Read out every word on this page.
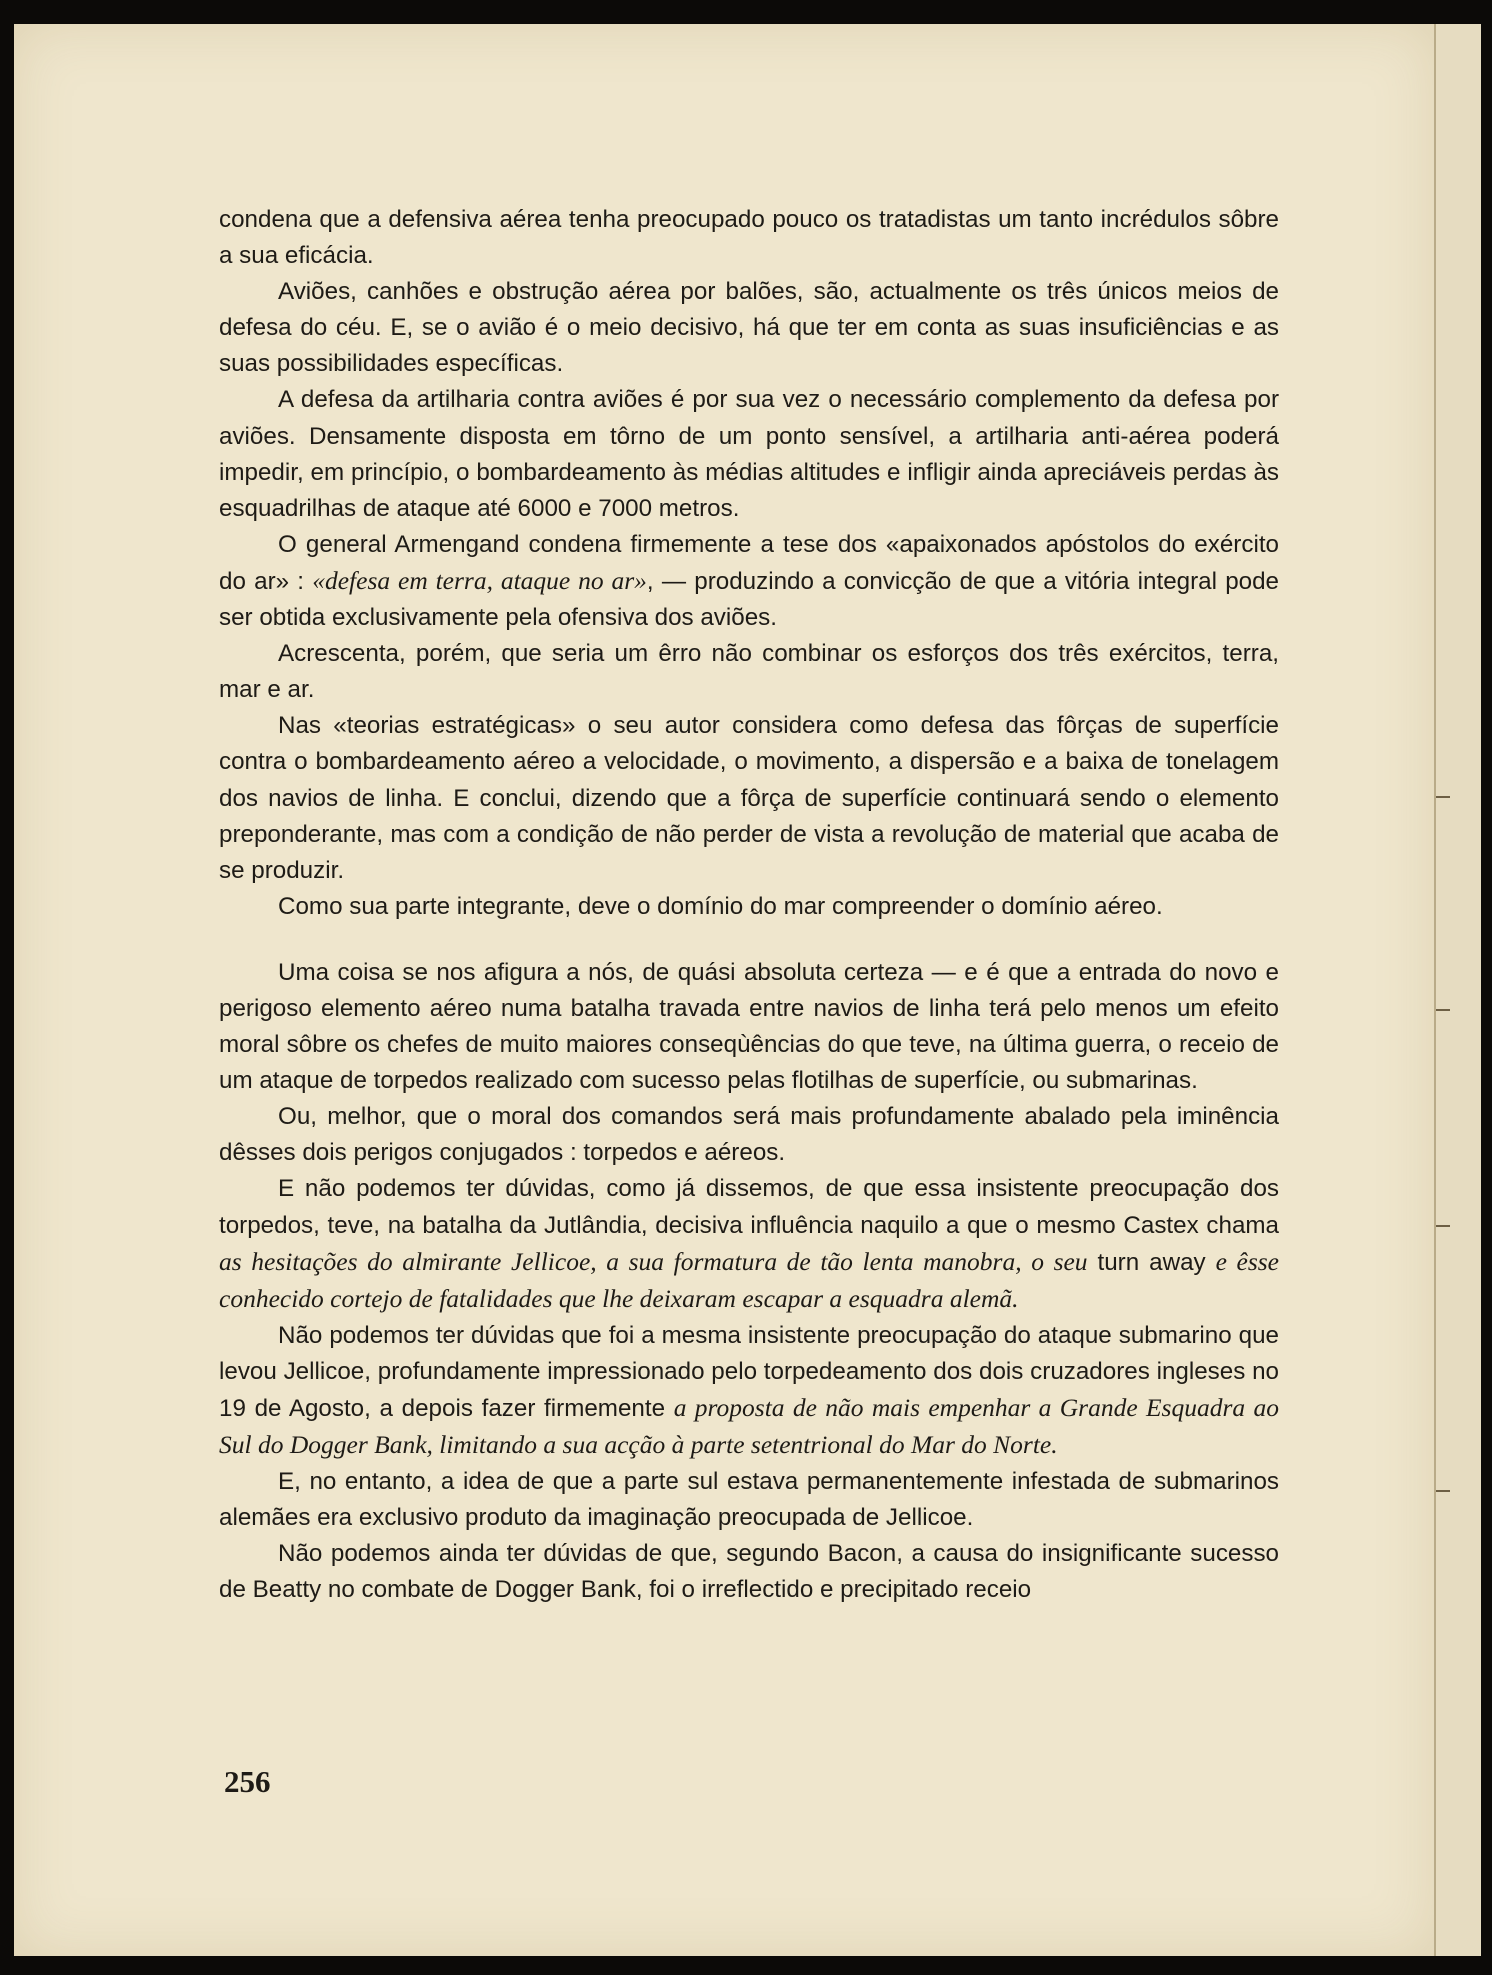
condena que a defensiva aérea tenha preocupado pouco os tratadistas um tanto incrédulos sôbre a sua eficácia.

Aviões, canhões e obstrução aérea por balões, são, actualmente os três únicos meios de defesa do céu. E, se o avião é o meio decisivo, há que ter em conta as suas insuficiências e as suas possibilidades específicas.

A defesa da artilharia contra aviões é por sua vez o necessário complemento da defesa por aviões. Densamente disposta em tôrno de um ponto sensível, a artilharia anti-aérea poderá impedir, em princípio, o bombardeamento às médias altitudes e infligir ainda apreciáveis perdas às esquadrilhas de ataque até 6000 e 7000 metros.

O general Armengand condena firmemente a tese dos «apaixonados apóstolos do exército do ar» : «defesa em terra, ataque no ar», — produzindo a convicção de que a vitória integral pode ser obtida exclusivamente pela ofensiva dos aviões.

Acrescenta, porém, que seria um êrro não combinar os esforços dos três exércitos, terra, mar e ar.

Nas «teorias estratégicas» o seu autor considera como defesa das fôrças de superfície contra o bombardeamento aéreo a velocidade, o movimento, a dispersão e a baixa de tonelagem dos navios de linha. E conclui, dizendo que a fôrça de superfície continuará sendo o elemento preponderante, mas com a condição de não perder de vista a revolução de material que acaba de se produzir.

Como sua parte integrante, deve o domínio do mar compreender o domínio aéreo.

Uma coisa se nos afigura a nós, de quási absoluta certeza — e é que a entrada do novo e perigoso elemento aéreo numa batalha travada entre navios de linha terá pelo menos um efeito moral sôbre os chefes de muito maiores conseqùências do que teve, na última guerra, o receio de um ataque de torpedos realizado com sucesso pelas flotilhas de superfície, ou submarinas.

Ou, melhor, que o moral dos comandos será mais profundamente abalado pela iminência dêsses dois perigos conjugados : torpedos e aéreos.

E não podemos ter dúvidas, como já dissemos, de que essa insistente preocupação dos torpedos, teve, na batalha da Jutlândia, decisiva influência naquilo a que o mesmo Castex chama as hesitações do almirante Jellicoe, a sua formatura de tão lenta manobra, o seu turn away e êsse conhecido cortejo de fatalidades que lhe deixaram escapar a esquadra alemã.

Não podemos ter dúvidas que foi a mesma insistente preocupação do ataque submarino que levou Jellicoe, profundamente impressionado pelo torpedeamento dos dois cruzadores ingleses no 19 de Agosto, a depois fazer firmemente a proposta de não mais empenhar a Grande Esquadra ao Sul do Dogger Bank, limitando a sua acção à parte setentrional do Mar do Norte.

E, no entanto, a idea de que a parte sul estava permanentemente infestada de submarinos alemães era exclusivo produto da imaginação preocupada de Jellicoe.

Não podemos ainda ter dúvidas de que, segundo Bacon, a causa do insignificante sucesso de Beatty no combate de Dogger Bank, foi o irreflectido e precipitado receio

256
